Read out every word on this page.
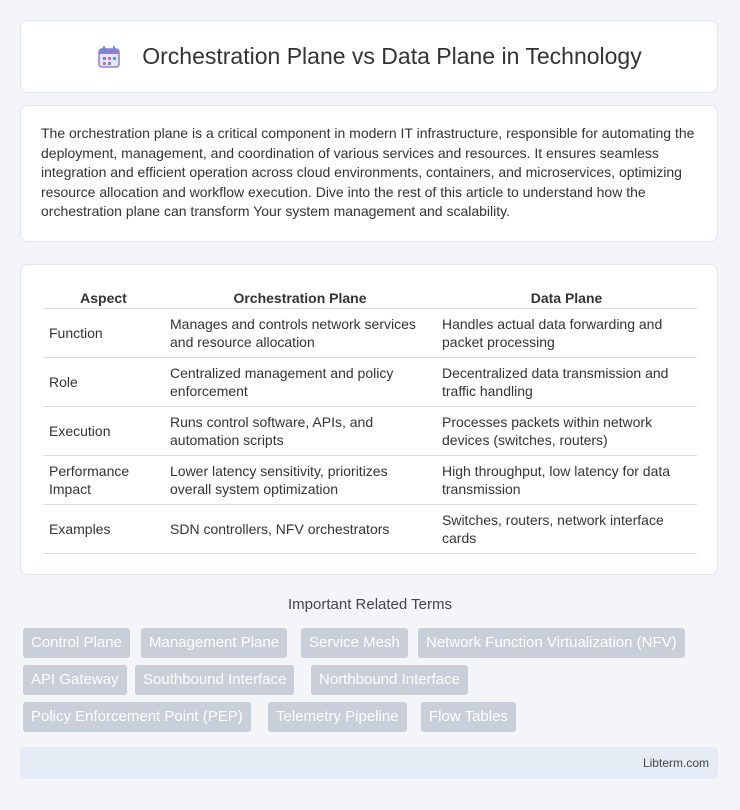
Orchestration Plane vs Data Plane in Technology

The orchestration plane is a critical component in modern IT infrastructure, responsible for automating the deployment, management, and coordination of various services and resources. It ensures seamless integration and efficient operation across cloud environments, containers, and microservices, optimizing resource allocation and workflow execution. Dive into the rest of this article to understand how the orchestration plane can transform Your system management and scalability.

Aspect	Orchestration Plane	Data Plane
Function	Manages and controls network services and resource allocation	Handles actual data forwarding and packet processing
Role	Centralized management and policy enforcement	Decentralized data transmission and traffic handling
Execution	Runs control software, APIs, and automation scripts	Processes packets within network devices (switches, routers)
Performance Impact	Lower latency sensitivity, prioritizes overall system optimization	High throughput, low latency for data transmission
Examples	SDN controllers, NFV orchestrators	Switches, routers, network interface cards
Important Related Terms
Control Plane	Management Plane	Service Mesh	Network Function Virtualization (NFV)
API Gateway	Southbound Interface	Northbound Interface
Policy Enforcement Point (PEP)	Telemetry Pipeline	Flow Tables
Libterm.com
